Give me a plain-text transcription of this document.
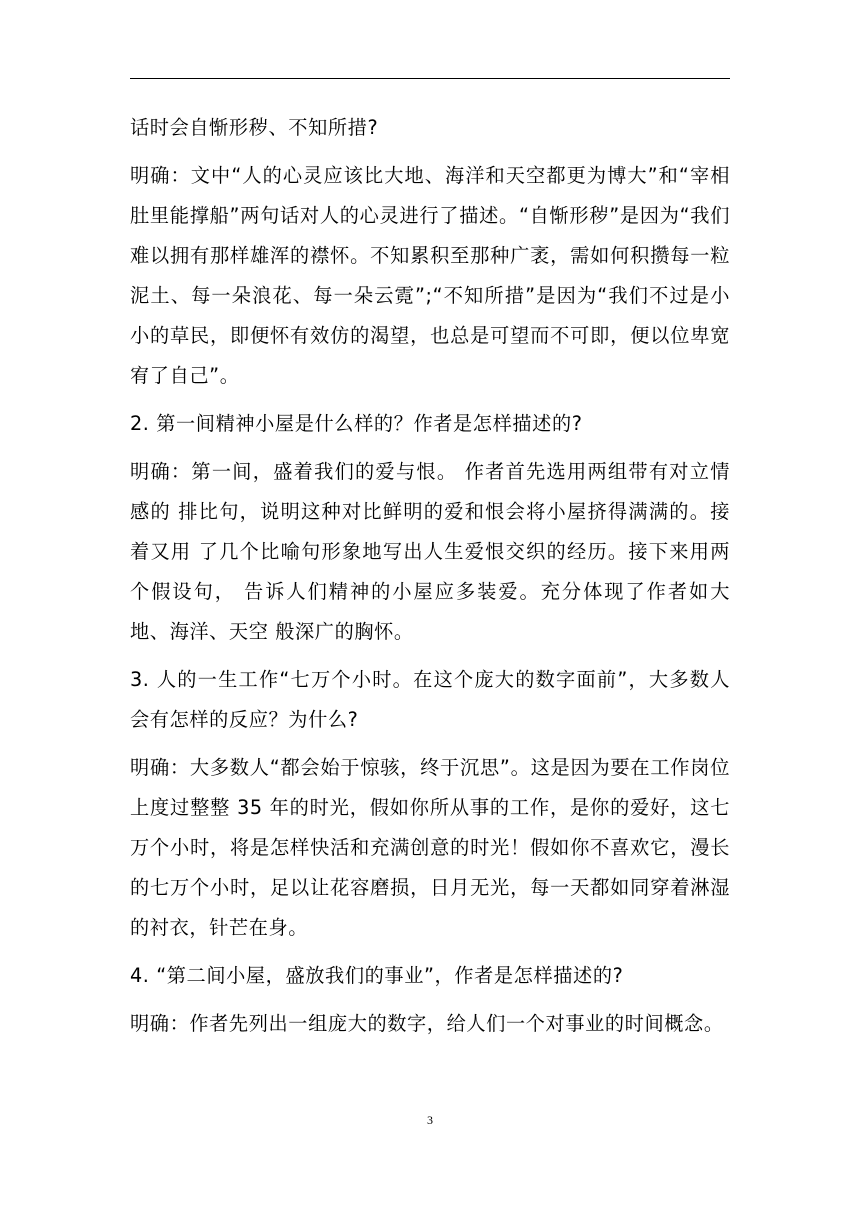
话时会自惭形秽、不知所措?

明确：文中“人的心灵应该比大地、海洋和天空都更为博大”和“宰相肚里能撑船”两句话对人的心灵进行了描述。“自惭形秽”是因为“我们难以拥有那样雄浑的襟怀。不知累积至那种广袤，需如何积攒每一粒泥土、每一朵浪花、每一朵云霓”;“不知所措”是因为“我们不过是小小的草民，即便怀有效仿的渴望，也总是可望而不可即，便以位卑宽宥了自己”。

2. 第一间精神小屋是什么样的？作者是怎样描述的?

明确：第一间，盛着我们的爱与恨。 作者首先选用两组带有对立情感的 排比句，说明这种对比鲜明的爱和恨会将小屋挤得满满的。接着又用 了几个比喻句形象地写出人生爱恨交织的经历。接下来用两个假设句， 告诉人们精神的小屋应多装爱。充分体现了作者如大地、海洋、天空 般深广的胸怀。

3. 人的一生工作“七万个小时。在这个庞大的数字面前”，大多数人会有怎样的反应？为什么?

明确：大多数人“都会始于惊骇，终于沉思”。这是因为要在工作岗位上度过整整 35 年的时光，假如你所从事的工作，是你的爱好，这七万个小时，将是怎样快活和充满创意的时光！假如你不喜欢它，漫长的七万个小时，足以让花容磨损，日月无光，每一天都如同穿着淋湿的衬衣，针芒在身。

4. “第二间小屋，盛放我们的事业”，作者是怎样描述的?

明确：作者先列出一组庞大的数字，给人们一个对事业的时间概念。

3
